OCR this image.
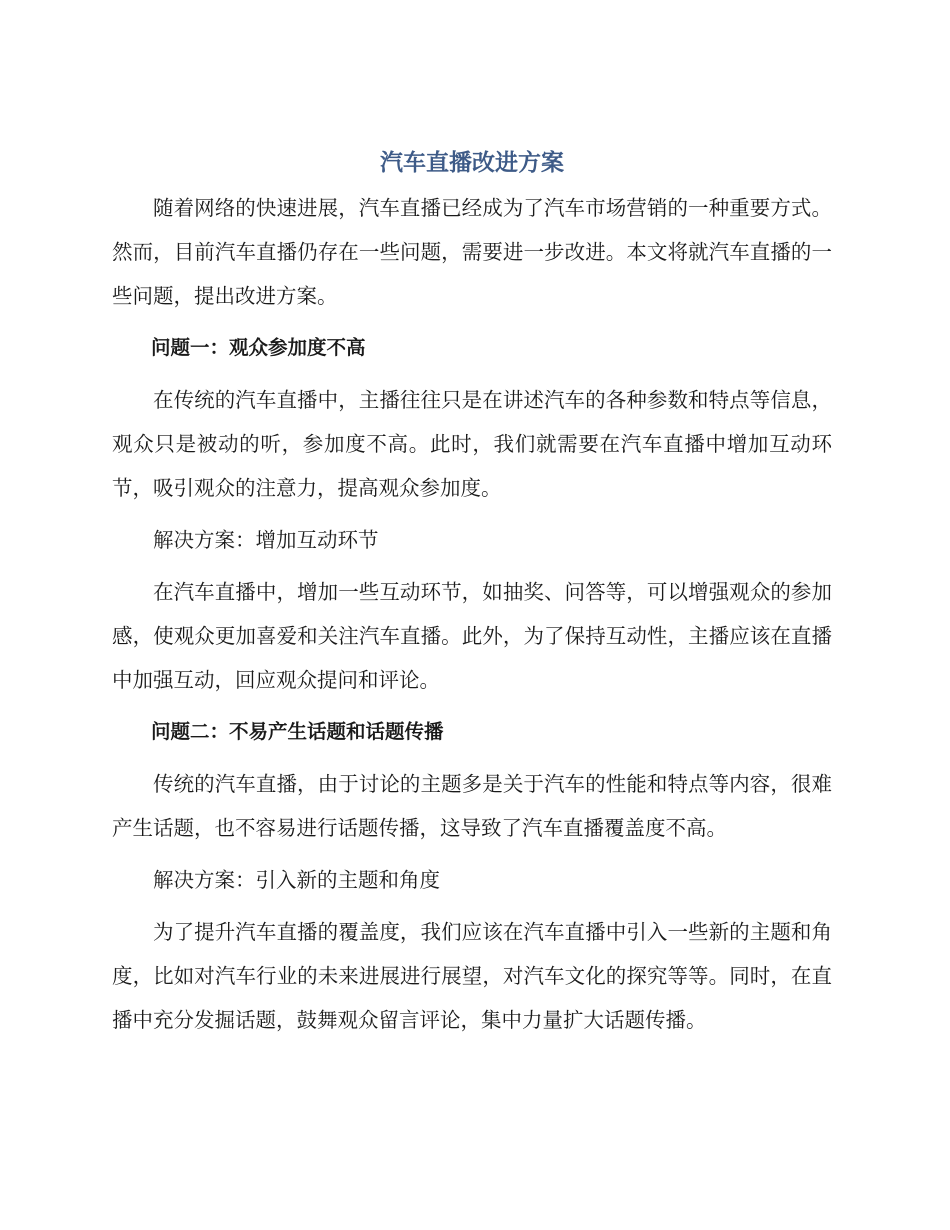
汽车直播改进方案

随着网络的快速进展，汽车直播已经成为了汽车市场营销的一种重要方式。然而，目前汽车直播仍存在一些问题，需要进一步改进。本文将就汽车直播的一些问题，提出改进方案。

问题一：观众参加度不高

在传统的汽车直播中，主播往往只是在讲述汽车的各种参数和特点等信息，观众只是被动的听，参加度不高。此时，我们就需要在汽车直播中增加互动环节，吸引观众的注意力，提高观众参加度。

解决方案：增加互动环节

在汽车直播中，增加一些互动环节，如抽奖、问答等，可以增强观众的参加感，使观众更加喜爱和关注汽车直播。此外，为了保持互动性，主播应该在直播中加强互动，回应观众提问和评论。

问题二：不易产生话题和话题传播

传统的汽车直播，由于讨论的主题多是关于汽车的性能和特点等内容，很难产生话题，也不容易进行话题传播，这导致了汽车直播覆盖度不高。

解决方案：引入新的主题和角度

为了提升汽车直播的覆盖度，我们应该在汽车直播中引入一些新的主题和角度，比如对汽车行业的未来进展进行展望，对汽车文化的探究等等。同时，在直播中充分发掘话题，鼓舞观众留言评论，集中力量扩大话题传播。
